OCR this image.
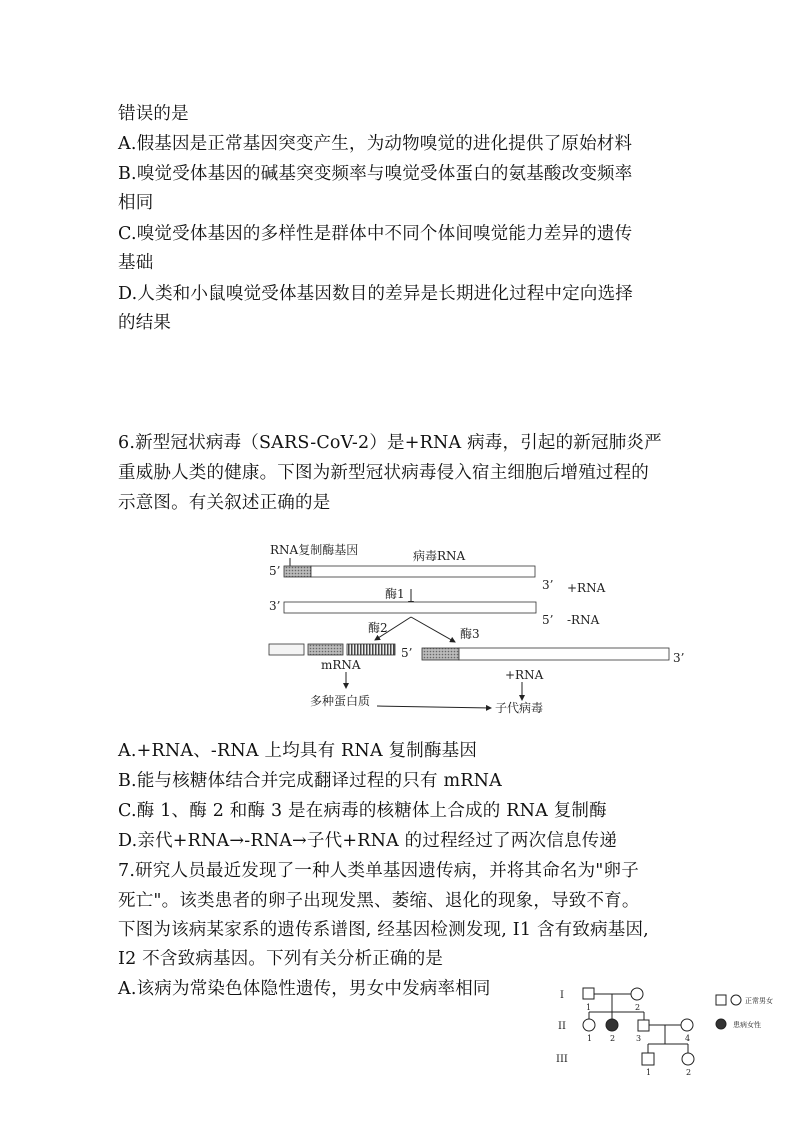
错误的是
A.假基因是正常基因突变产生，为动物嗅觉的进化提供了原始材料
B.嗅觉受体基因的碱基突变频率与嗅觉受体蛋白的氨基酸改变频率
相同
C.嗅觉受体基因的多样性是群体中不同个体间嗅觉能力差异的遗传
基础
D.人类和小鼠嗅觉受体基因数目的差异是长期进化过程中定向选择
的结果
6.新型冠状病毒（SARS-CoV-2）是+RNA 病毒，引起的新冠肺炎严
重威胁人类的健康。下图为新型冠状病毒侵入宿主细胞后增殖过程的
示意图。有关叙述正确的是
RNA复制酶基因	病毒RNA
5’
3’ +RNA
酶1
3’
5’ -RNA
酶2	酶3
5’	3’
mRNA
+RNA
多种蛋白质	子代病毒
A.+RNA、-RNA 上均具有 RNA 复制酶基因
B.能与核糖体结合并完成翻译过程的只有 mRNA
C.酶 1、酶 2 和酶 3 是在病毒的核糖体上合成的 RNA 复制酶
D.亲代+RNA→-RNA→子代+RNA 的过程经过了两次信息传递
7.研究人员最近发现了一种人类单基因遗传病，并将其命名为"卵子
死亡"。该类患者的卵子出现发黑、萎缩、退化的现象，导致不育。
下图为该病某家系的遗传系谱图, 经基因检测发现, I1 含有致病基因,
I2 不含致病基因。下列有关分析正确的是
A.该病为常染色体隐性遗传，男女中发病率相同	I
II
III
1	2
1 2	3	4
1	2
正常男女
患病女性
